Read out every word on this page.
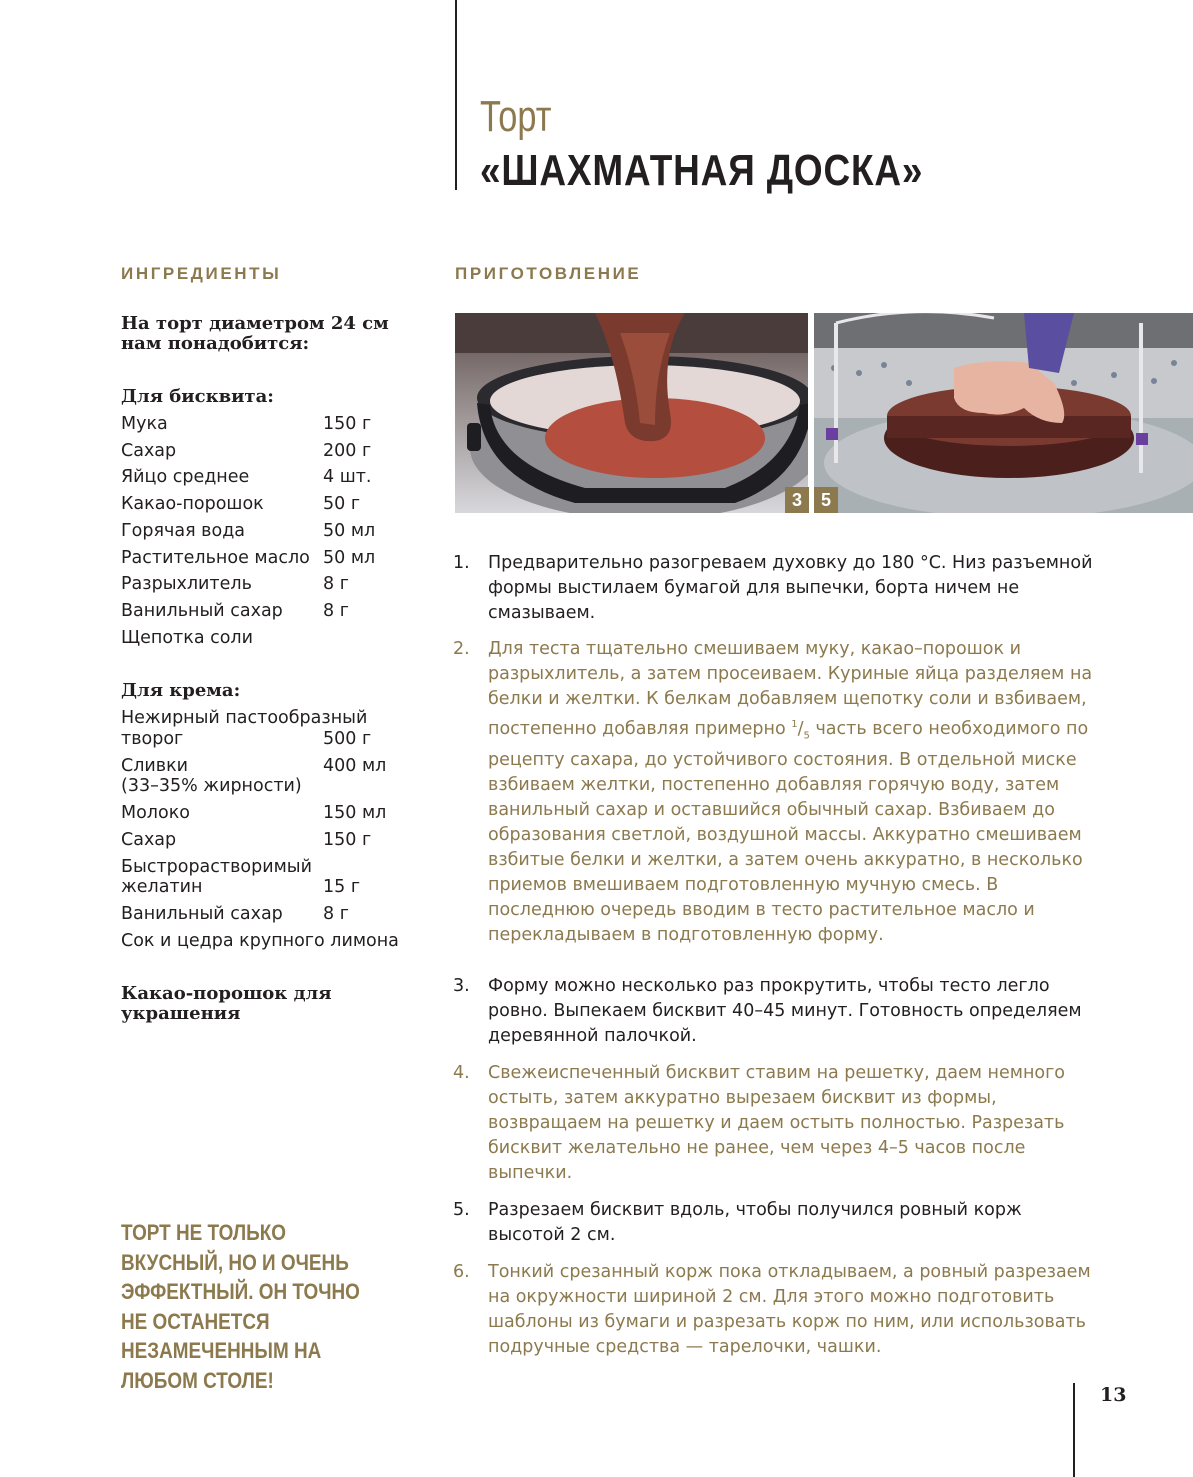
Торт
«ШАХМАТНАЯ ДОСКА»
ИНГРЕДИЕНТЫ
На торт диаметром 24 см нам понадобится:
Для бисквита:
Мука	150 г
Сахар	200 г
Яйцо среднее	4 шт.
Какао-порошок	50 г
Горячая вода	50 мл
Растительное масло 50 мл
Разрыхлитель	8 г
Ванильный сахар 8 г
Щепотка соли
Для крема:
Нежирный пастообразный
творог	500 г
Сливки	400 мл
(33–35% жирности)
Молоко	150 мл
Сахар	150 г
Быстрорастворимый
желатин	15 г
Ванильный сахар 8 г
Сок и цедра крупного лимона
Какао-порошок для украшения
ПРИГОТОВЛЕНИЕ
3	5
1. Предварительно разогреваем духовку до 180 °C. Низ разъемной формы выстилаем бумагой для выпечки, борта ничем не смазываем.
2. Для теста тщательно смешиваем муку, какао–порошок и разрыхлитель, а затем просеиваем. Куриные яйца разделяем на белки и желтки. К белкам добавляем щепотку соли и взбиваем, постепенно добавляя примерно $^1/_5$ часть всего необходимого по рецепту сахара, до устойчивого состояния. В отдельной миске взбиваем желтки, постепенно добавляя горячую воду, затем ванильный сахар и оставшийся обычный сахар. Взбиваем до образования светлой, воздушной массы. Аккуратно смешиваем взбитые белки и желтки, а затем очень аккуратно, в несколько приемов вмешиваем подготовленную мучную смесь. В последнюю очередь вводим в тесто растительное масло и перекладываем в подготовленную форму.
3. Форму можно несколько раз прокрутить, чтобы тесто легло ровно. Выпекаем бисквит 40–45 минут. Готовность определяем деревянной палочкой.
4. Свежеиспеченный бисквит ставим на решетку, даем немного остыть, затем аккуратно вырезаем бисквит из формы, возвращаем на решетку и даем остыть полностью. Разрезать бисквит желательно не ранее, чем через 4–5 часов после выпечки.
5. Разрезаем бисквит вдоль, чтобы получился ровный корж высотой 2 см.
6. Тонкий срезанный корж пока откладываем, а ровный разрезаем на окружности шириной 2 см. Для этого можно подготовить шаблоны из бумаги и разрезать корж по ним, или использовать подручные средства — тарелочки, чашки.
ТОРТ НЕ ТОЛЬКО ВКУСНЫЙ, НО И ОЧЕНЬ ЭФФЕКТНЫЙ. ОН ТОЧНО НЕ ОСТАНЕТСЯ НЕЗАМЕЧЕННЫМ НА ЛЮБОМ СТОЛЕ!
13
